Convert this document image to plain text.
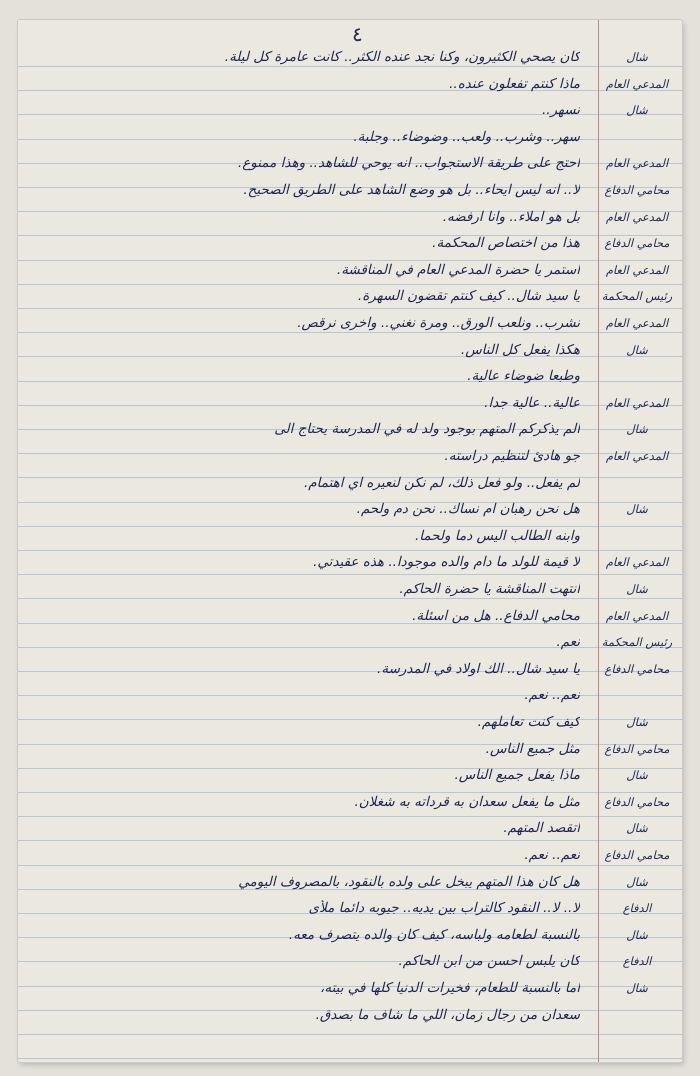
٤
شال
كان يصحي الكثيرون، وكنا نجد عنده الكثر.. كانت عامرة كل ليلة.
المدعي العام
ماذا كنتم تفعلون عنده..
شال
نسهر..
سهر.. وشرب.. ولعب.. وضوضاء.. وجلبة.
المدعي العام
احتج على طريقة الاستجواب.. انه يوحي للشاهد.. وهذا ممنوع.
محامي الدفاع
لا.. انه ليس ايحاء.. بل هو وضع الشاهد على الطريق الصحيح.
المدعي العام
بل هو املاء.. وانا ارفضه.
محامي الدفاع
هذا من اختصاص المحكمة.
المدعي العام
استمر يا حضرة المدعي العام في المناقشة.
رئيس المحكمة
يا سيد شال.. كيف كنتم تقضون السهرة.
المدعي العام
نشرب.. ونلعب الورق.. ومرة نغني.. واخرى نرقص.
شال
هكذا يفعل كل الناس.
وطبعا ضوضاء عالية.
المدعي العام
عالية.. عالية جدا.
شال
الم يذكركم المتهم بوجود ولد له في المدرسة يحتاج الى
المدعي العام
جو هادئ لتنظيم دراسته.
لم يفعل.. ولو فعل ذلك، لم نكن لنعيره اي اهتمام.
شال
هل نحن رهبان ام نساك.. نحن دم ولحم.
وابنه الطالب اليس دما ولحما.
المدعي العام
لا قيمة للولد ما دام والده موجودا.. هذه عقيدتي.
شال
انتهت المناقشة يا حضرة الحاكم.
المدعي العام
محامي الدفاع.. هل من اسئلة.
رئيس المحكمة
نعم.
محامي الدفاع
يا سيد شال.. الك اولاد في المدرسة.
نعم.. نعم.
شال
كيف كنت تعاملهم.
محامي الدفاع
مثل جميع الناس.
شال
ماذا يفعل جميع الناس.
محامي الدفاع
مثل ما يفعل سعدان به قرداته به شغلان.
شال
اتقصد المتهم.
محامي الدفاع
نعم.. نعم.
شال
هل كان هذا المتهم يبخل على ولده بالنقود، بالمصروف اليومي
الدفاع
لا.. لا.. النقود كالتراب بين يديه.. جيوبه دائما ملأى
شال
بالنسبة لطعامه ولباسه، كيف كان والده يتصرف معه.
الدفاع
كان يلبس احسن من ابن الحاكم.
شال
اما بالنسبة للطعام، فخيرات الدنيا كلها في بيته،
سعدان من رجال زمان، اللي ما شاف ما بصدق.
